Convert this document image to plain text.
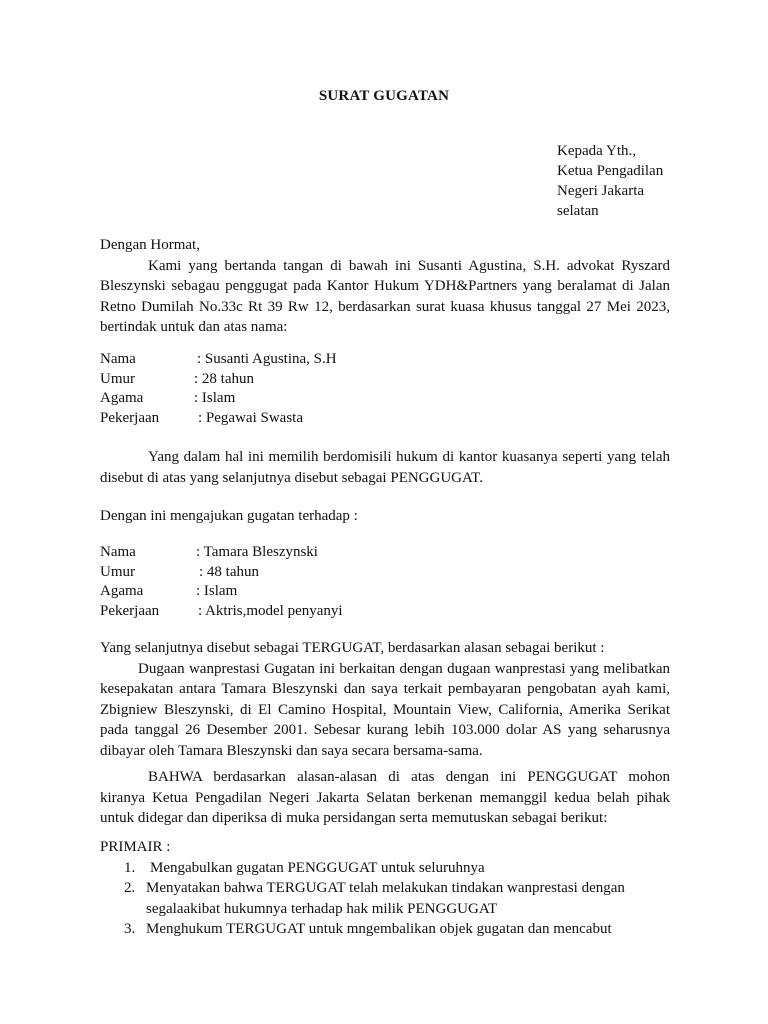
SURAT GUGATAN
Kepada Yth.,
Ketua Pengadilan
Negeri Jakarta
selatan
Dengan Hormat,
Kami yang bertanda tangan di bawah ini Susanti Agustina, S.H. advokat Ryszard
Bleszynski sebagau penggugat pada Kantor Hukum YDH&Partners yang beralamat di Jalan
Retno Dumilah No.33c Rt 39 Rw 12, berdasarkan surat kuasa khusus tanggal 27 Mei 2023,
bertindak untuk dan atas nama:
Nama	: Susanti Agustina, S.H
Umur	: 28 tahun
Agama	: Islam
Pekerjaan	: Pegawai Swasta
Yang dalam hal ini memilih berdomisili hukum di kantor kuasanya seperti yang telah
disebut di atas yang selanjutnya disebut sebagai PENGGUGAT.
Dengan ini mengajukan gugatan terhadap :
Nama	: Tamara Bleszynski
Umur	: 48 tahun
Agama	: Islam
Pekerjaan	: Aktris,model penyanyi
Yang selanjutnya disebut sebagai TERGUGAT, berdasarkan alasan sebagai berikut :
Dugaan wanprestasi Gugatan ini berkaitan dengan dugaan wanprestasi yang melibatkan
kesepakatan antara Tamara Bleszynski dan saya terkait pembayaran pengobatan ayah kami,
Zbigniew Bleszynski, di El Camino Hospital, Mountain View, California, Amerika Serikat
pada tanggal 26 Desember 2001. Sebesar kurang lebih 103.000 dolar AS yang seharusnya
dibayar oleh Tamara Bleszynski dan saya secara bersama-sama.
BAHWA berdasarkan alasan-alasan di atas dengan ini PENGGUGAT mohon
kiranya Ketua Pengadilan Negeri Jakarta Selatan berkenan memanggil kedua belah pihak
untuk didegar dan diperiksa di muka persidangan serta memutuskan sebagai berikut:
PRIMAIR :
1. Mengabulkan gugatan PENGGUGAT untuk seluruhnya
2. Menyatakan bahwa TERGUGAT telah melakukan tindakan wanprestasi dengan
segalaakibat hukumnya terhadap hak milik PENGGUGAT
3. Menghukum TERGUGAT untuk mngembalikan objek gugatan dan mencabut
